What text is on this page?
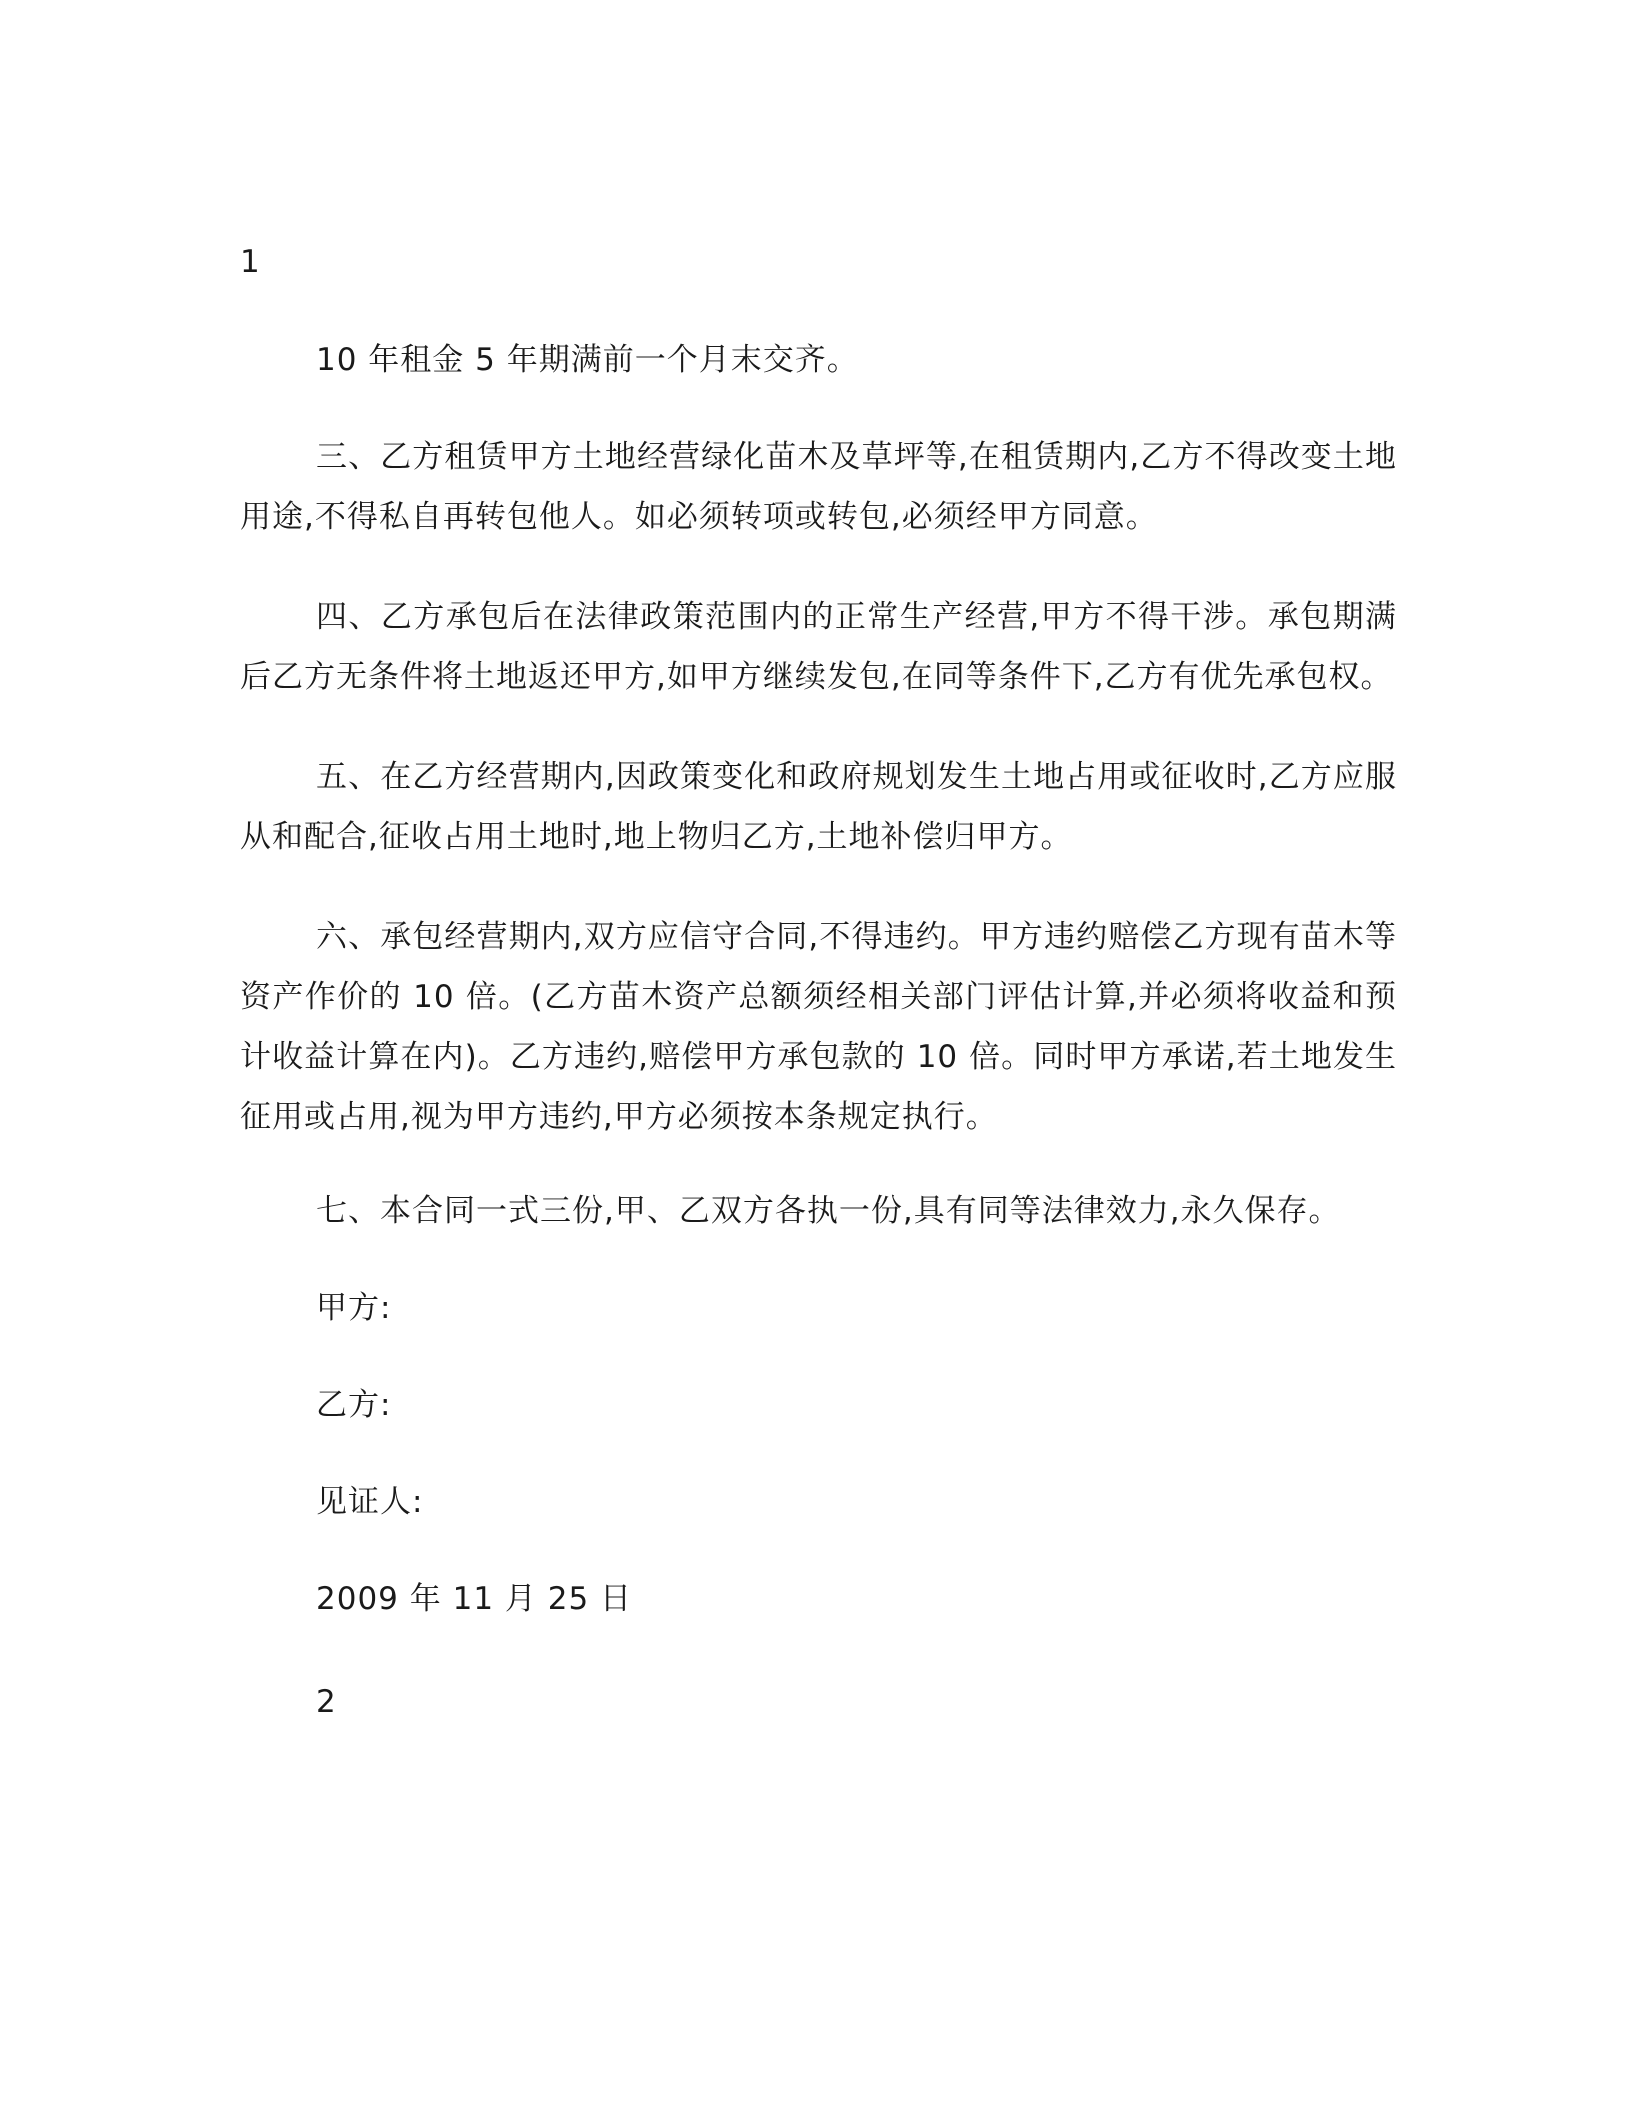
1
10 年租金 5 年期满前一个月末交齐。
三、乙方租赁甲方土地经营绿化苗木及草坪等,在租赁期内,乙方不得改变土地用途,不得私自再转包他人。如必须转项或转包,必须经甲方同意。
四、乙方承包后在法律政策范围内的正常生产经营,甲方不得干涉。承包期满后乙方无条件将土地返还甲方,如甲方继续发包,在同等条件下,乙方有优先承包权。
五、在乙方经营期内,因政策变化和政府规划发生土地占用或征收时,乙方应服从和配合,征收占用土地时,地上物归乙方,土地补偿归甲方。
六、承包经营期内,双方应信守合同,不得违约。甲方违约赔偿乙方现有苗木等资产作价的 10 倍。(乙方苗木资产总额须经相关部门评估计算,并必须将收益和预计收益计算在内)。乙方违约,赔偿甲方承包款的 10 倍。同时甲方承诺,若土地发生征用或占用,视为甲方违约,甲方必须按本条规定执行。
七、本合同一式三份,甲、乙双方各执一份,具有同等法律效力,永久保存。
甲方:
乙方:
见证人:
2009 年 11 月 25 日
2
